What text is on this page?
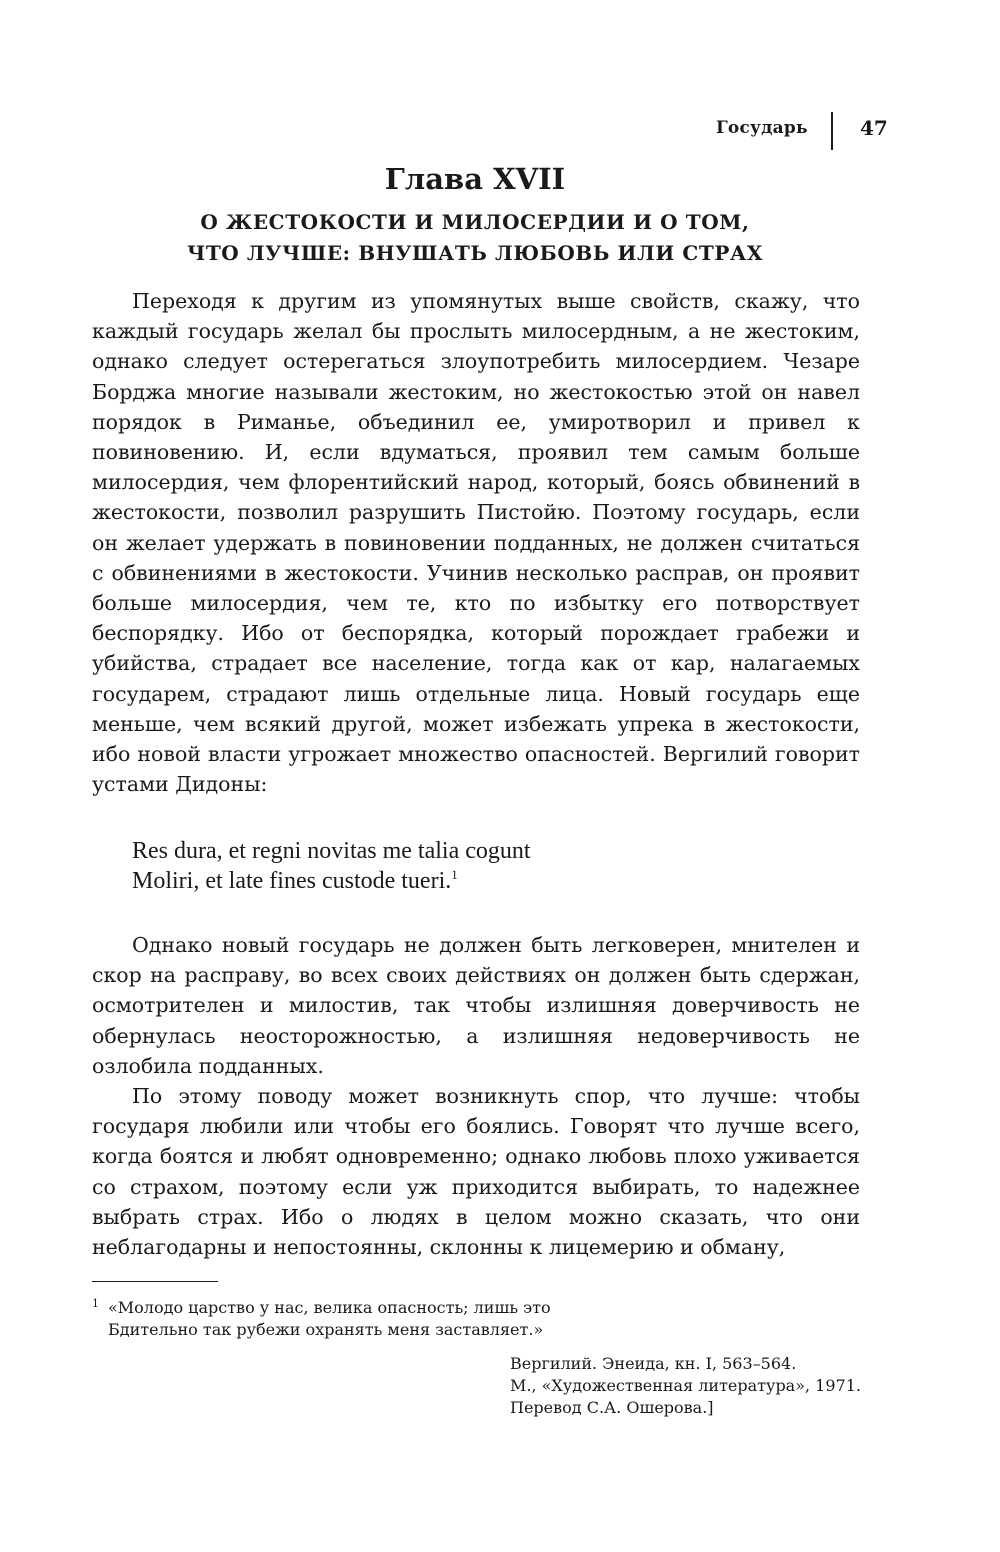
Государь	47
Глава XVII
О ЖЕСТОКОСТИ И МИЛОСЕРДИИ И О ТОМ,
ЧТО ЛУЧШЕ: ВНУШАТЬ ЛЮБОВЬ ИЛИ СТРАХ

Переходя к другим из упомянутых выше свойств, скажу, что каждый государь желал бы прослыть милосердным, а не жестоким, однако следует остерегаться злоупотребить милосердием. Чезаре Борджа многие называли жестоким, но жестокостью этой он навел порядок в Риманье, объединил ее, умиротворил и привел к повиновению. И, если вдуматься, проявил тем самым больше милосердия, чем флорентийский народ, который, боясь обвинений в жестокости, позволил разрушить Пистойю. Поэтому государь, если он желает удержать в повиновении подданных, не должен считаться с обвинениями в жестокости. Учинив несколько расправ, он проявит больше милосердия, чем те, кто по избытку его потворствует беспорядку. Ибо от беспорядка, который порождает грабежи и убийства, страдает все население, тогда как от кар, налагаемых государем, страдают лишь отдельные лица. Новый государь еще меньше, чем всякий другой, может избежать упрека в жестокости, ибо новой власти угрожает множество опасностей. Вергилий говорит устами Дидоны:

Res dura, et regni novitas me talia cogunt
Moliri, et late fines custode tueri.$^1$

Однако новый государь не должен быть легковерен, мнителен и скор на расправу, во всех своих действиях он должен быть сдержан, осмотрителен и милостив, так чтобы излишняя доверчивость не обернулась неосторожностью, а излишняя недоверчивость не озлобила подданных.

По этому поводу может возникнуть спор, что лучше: чтобы государя любили или чтобы его боялись. Говорят что лучше всего, когда боятся и любят одновременно; однако любовь плохо уживается со страхом, поэтому если уж приходится выбирать, то надежнее выбрать страх. Ибо о людях в целом можно сказать, что они неблагодарны и непостоянны, склонны к лицемерию и обману,

1 «Молодо царство у нас, велика опасность; лишь это
Бдительно так рубежи охранять меня заставляет.»
Вергилий. Энеида, кн. I, 563–564.
М., «Художественная литература», 1971.
Перевод С.А. Ошерова.]
